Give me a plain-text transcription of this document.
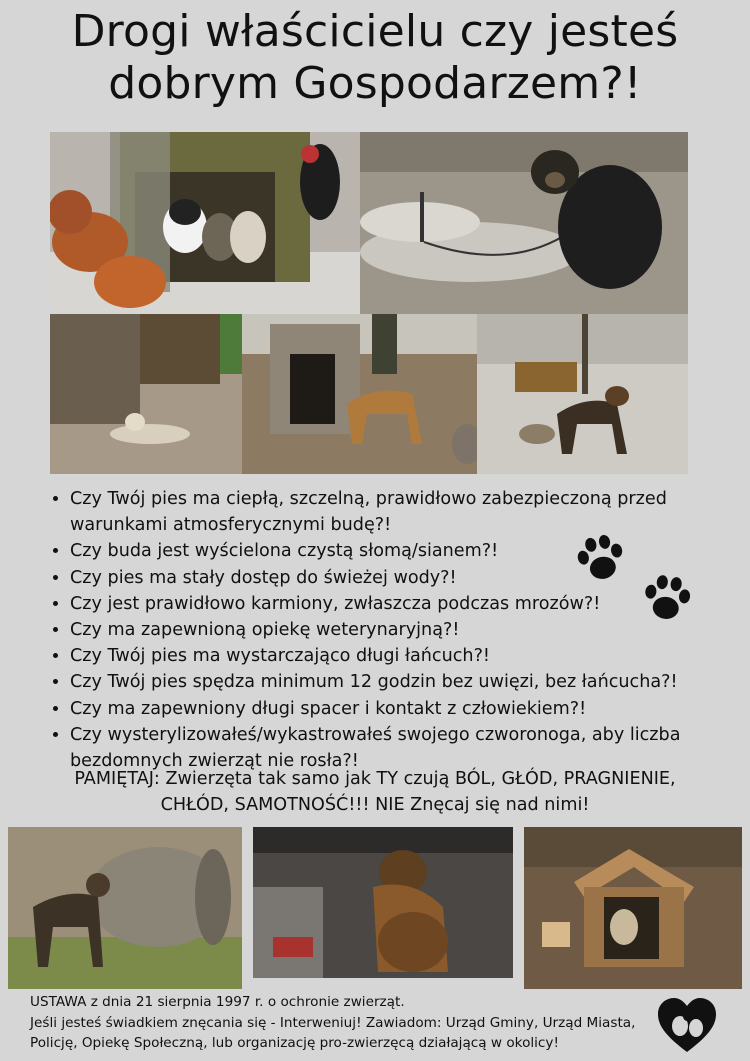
Drogi właścicielu czy jesteś
dobrym Gospodarzem?!
• Czy Twój pies ma ciepłą, szczelną, prawidłowo zabezpieczoną przed warunkami atmosferycznymi budę?!
• Czy buda jest wyścielona czystą słomą/sianem?!
• Czy pies ma stały dostęp do świeżej wody?!
• Czy jest prawidłowo karmiony, zwłaszcza podczas mrozów?!
• Czy ma zapewnioną opiekę weterynaryjną?!
• Czy Twój pies ma wystarczająco długi łańcuch?!
• Czy Twój pies spędza minimum 12 godzin bez uwięzi, bez łańcucha?!
• Czy ma zapewniony długi spacer i kontakt z człowiekiem?!
• Czy wysterylizowałeś/wykastrowałeś swojego czworonoga, aby liczba bezdomnych zwierząt nie rosła?!
PAMIĘTAJ: Zwierzęta tak samo jak TY czują BÓL, GŁÓD, PRAGNIENIE,
CHŁÓD, SAMOTNOŚĆ!!! NIE Znęcaj się nad nimi!
USTAWA z dnia 21 sierpnia 1997 r. o ochronie zwierząt.
Jeśli jesteś świadkiem znęcania się - Interweniuj! Zawiadom: Urząd Gminy, Urząd Miasta,
Policję, Opiekę Społeczną, lub organizację pro-zwierzęcą działającą w okolicy!
